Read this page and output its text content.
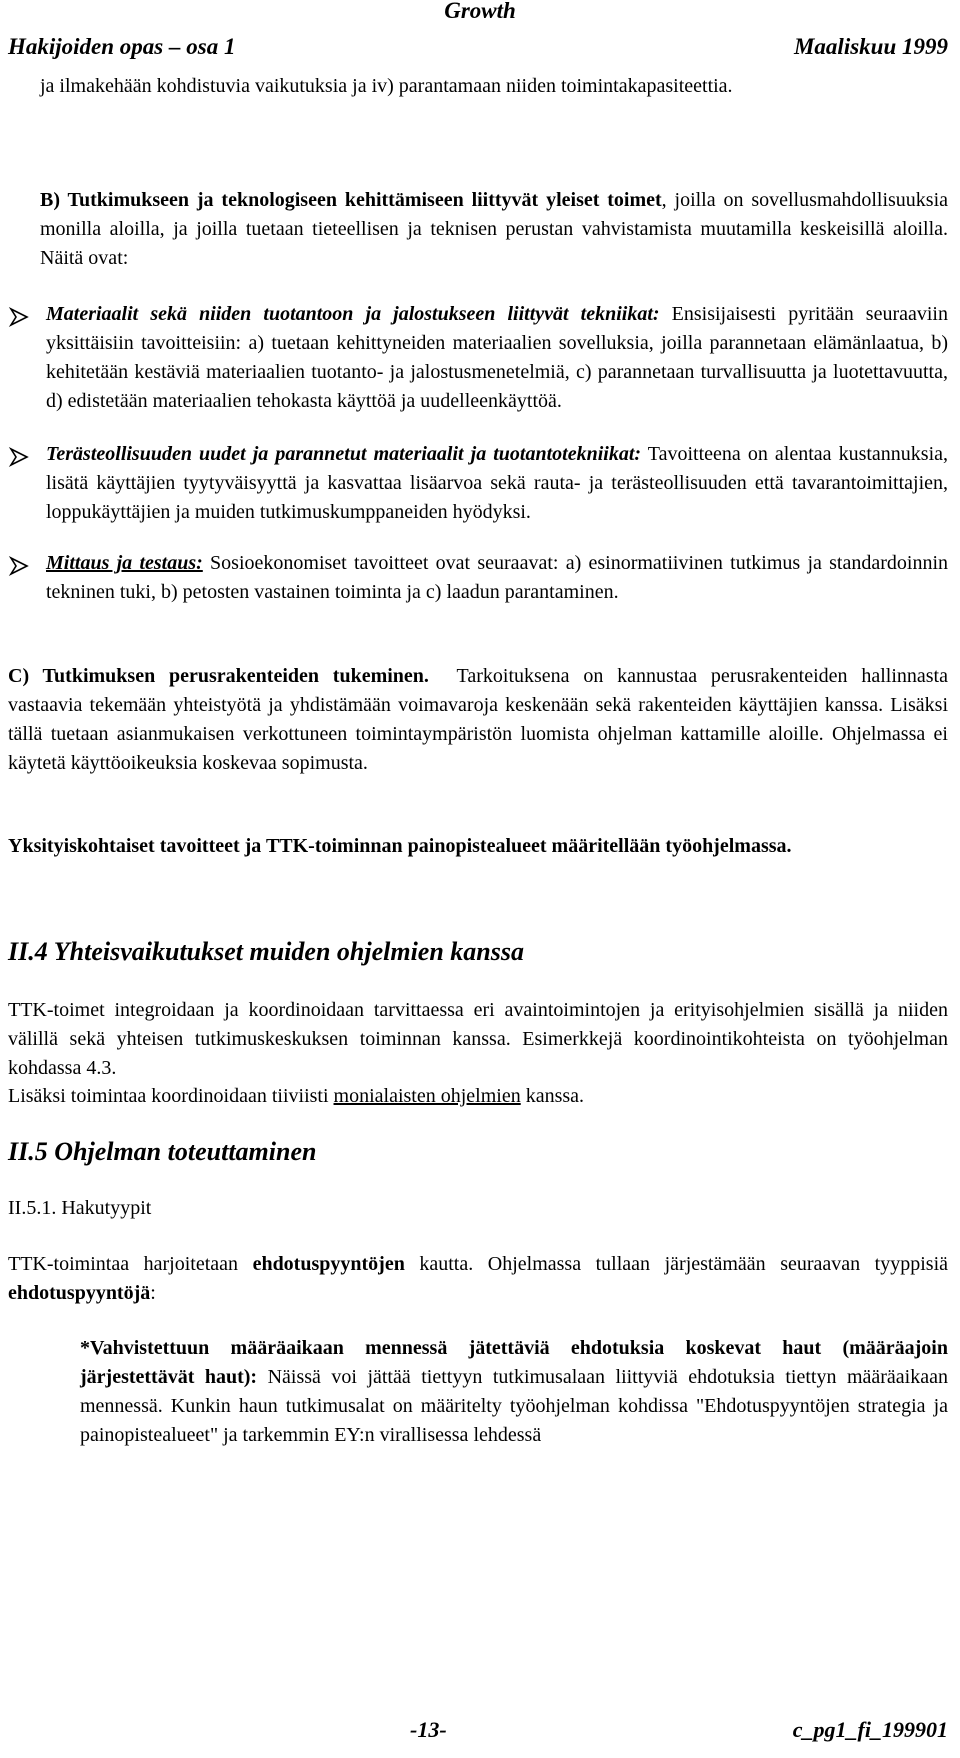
Growth
Hakijoiden opas – osa 1	Maaliskuu 1999
ja ilmakehään kohdistuvia vaikutuksia ja iv) parantamaan niiden toimintakapasiteettia.
B) Tutkimukseen ja teknologiseen kehittämiseen liittyvät yleiset toimet, joilla on sovellusmahdollisuuksia monilla aloilla, ja joilla tuetaan tieteellisen ja teknisen perustan vahvistamista muutamilla keskeisillä aloilla. Näitä ovat:
Materiaalit sekä niiden tuotantoon ja jalostukseen liittyvät tekniikat: Ensisijaisesti pyritään seuraaviin yksittäisiin tavoitteisiin: a) tuetaan kehittyneiden materiaalien sovelluksia, joilla parannetaan elämänlaatua, b) kehitetään kestäviä materiaalien tuotanto- ja jalostusmenetelmiä, c) parannetaan turvallisuutta ja luotettavuutta, d) edistetään materiaalien tehokasta käyttöä ja uudelleenkäyttöä.
Terästeollisuuden uudet ja parannetut materiaalit ja tuotantotekniikat: Tavoitteena on alentaa kustannuksia, lisätä käyttäjien tyytyväisyyttä ja kasvattaa lisäarvoa sekä rauta- ja terästeollisuuden että tavarantoimittajien, loppukäyttäjien ja muiden tutkimuskumppaneiden hyödyksi.
Mittaus ja testaus: Sosioekonomiset tavoitteet ovat seuraavat: a) esinormatiivinen tutkimus ja standardoinnin tekninen tuki, b) petosten vastainen toiminta ja c) laadun parantaminen.
C) Tutkimuksen perusrakenteiden tukeminen. Tarkoituksena on kannustaa perusrakenteiden hallinnasta vastaavia tekemään yhteistyötä ja yhdistämään voimavaroja keskenään sekä rakenteiden käyttäjien kanssa. Lisäksi tällä tuetaan asianmukaisen verkottuneen toimintaympäristön luomista ohjelman kattamille aloille. Ohjelmassa ei käytetä käyttöoikeuksia koskevaa sopimusta.
Yksityiskohtaiset tavoitteet ja TTK-toiminnan painopistealueet määritellään työohjelmassa.
II.4 Yhteisvaikutukset muiden ohjelmien kanssa
TTK-toimet integroidaan ja koordinoidaan tarvittaessa eri avaintoimintojen ja erityisohjelmien sisällä ja niiden välillä sekä yhteisen tutkimuskeskuksen toiminnan kanssa. Esimerkkejä koordinointikohteista on työohjelman kohdassa 4.3.
Lisäksi toimintaa koordinoidaan tiiviisti monialaisten ohjelmien kanssa.
II.5 Ohjelman toteuttaminen
II.5.1. Hakutyypit
TTK-toimintaa harjoitetaan ehdotuspyyntöjen kautta. Ohjelmassa tullaan järjestämään seuraavan tyyppisiä ehdotuspyyntöjä:
*Vahvistettuun määräaikaan mennessä jätettäviä ehdotuksia koskevat haut (määräajoin järjestettävät haut): Näissä voi jättää tiettyyn tutkimusalaan liittyviä ehdotuksia tiettyn määräaikaan mennessä. Kunkin haun tutkimusalat on määritelty työohjelman kohdissa "Ehdotuspyyntöjen strategia ja painopistealueet" ja tarkemmin EY:n virallisessa lehdessä
-13-	c_pg1_fi_199901
